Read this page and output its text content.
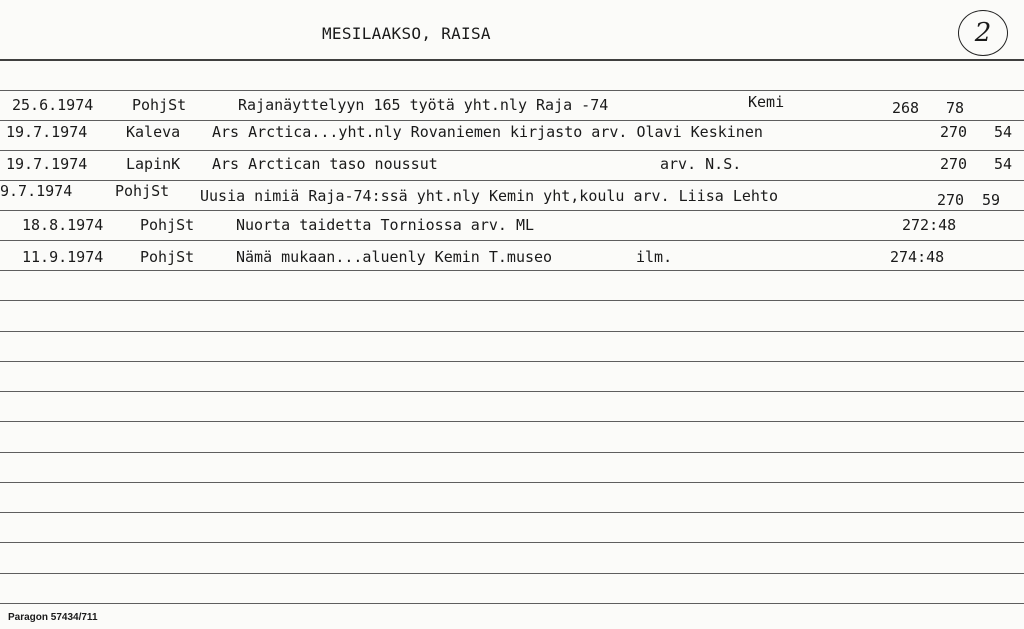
MESILAAKSO, RAISA	2
25.6.1974	PohjSt	Rajanäyttelyyn 165 työtä yht.nly Raja -74	Kemi	268 78
19.7.1974	Kaleva Ars Arctica...yht.nly Rovaniemen kirjasto arv. Olavi Keskinen	270 54
19.7.1974	LapinK Ars Arctican taso noussut	arv. N.S.	270 54
9.7.1974	PohjSt Uusia nimiä Raja-74:ssä yht.nly Kemin yht,koulu arv. Liisa Lehto	270 59
18.8.1974 PohjSt	Nuorta taidetta Torniossa arv. ML	272:48
11.9.1974 PohjSt	Nämä mukaan...aluenly Kemin T.museo	ilm.	274:48
Paragon 57434/711
